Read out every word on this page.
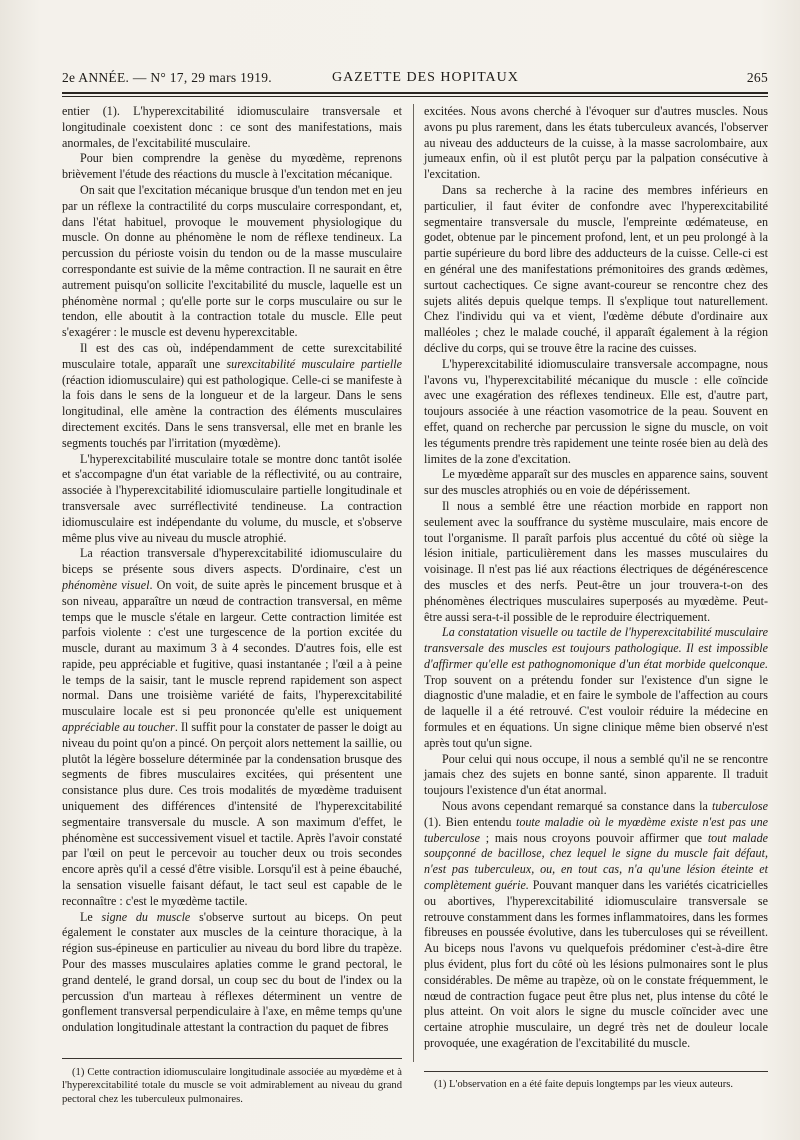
2e ANNÉE. — N° 17, 29 mars 1919.	GAZETTE DES HOPITAUX	265

entier (1). L'hyperexcitabilité idiomusculaire transversale et longitudinale coexistent donc : ce sont des manifestations, mais anormales, de l'excitabilité musculaire.

Pour bien comprendre la genèse du myœdème, reprenons brièvement l'étude des réactions du muscle à l'excitation mécanique.

On sait que l'excitation mécanique brusque d'un tendon met en jeu par un réflexe la contractilité du corps musculaire correspondant, et, dans l'état habituel, provoque le mouvement physiologique du muscle. On donne au phénomène le nom de réflexe tendineux. La percussion du périoste voisin du tendon ou de la masse musculaire correspondante est suivie de la même contraction. Il ne saurait en être autrement puisqu'on sollicite l'excitabilité du muscle, laquelle est un phénomène normal ; qu'elle porte sur le corps musculaire ou sur le tendon, elle aboutit à la contraction totale du muscle. Elle peut s'exagérer : le muscle est devenu hyperexcitable.

Il est des cas où, indépendamment de cette surexcitabilité musculaire totale, apparaît une surexcitabilité musculaire partielle (réaction idiomusculaire) qui est pathologique. Celle-ci se manifeste à la fois dans le sens de la longueur et de la largeur. Dans le sens longitudinal, elle amène la contraction des éléments musculaires directement excités. Dans le sens transversal, elle met en branle les segments touchés par l'irritation (myœdème).

L'hyperexcitabilité musculaire totale se montre donc tantôt isolée et s'accompagne d'un état variable de la réflectivité, ou au contraire, associée à l'hyperexcitabilité idiomusculaire partielle longitudinale et transversale avec surréflectivité tendineuse. La contraction idiomusculaire est indépendante du volume, du muscle, et s'observe même plus vive au niveau du muscle atrophié.

La réaction transversale d'hyperexcitabilité idiomusculaire du biceps se présente sous divers aspects. D'ordinaire, c'est un phénomène visuel. On voit, de suite après le pincement brusque et à son niveau, apparaître un nœud de contraction transversal, en même temps que le muscle s'étale en largeur. Cette contraction limitée est parfois violente : c'est une turgescence de la portion excitée du muscle, durant au maximum 3 à 4 secondes. D'autres fois, elle est rapide, peu appréciable et fugitive, quasi instantanée ; l'œil a à peine le temps de la saisir, tant le muscle reprend rapidement son aspect normal. Dans une troisième variété de faits, l'hyperexcitabilité musculaire locale est si peu prononcée qu'elle est uniquement appréciable au toucher. Il suffit pour la constater de passer le doigt au niveau du point qu'on a pincé. On perçoit alors nettement la saillie, ou plutôt la légère bosselure déterminée par la condensation brusque des segments de fibres musculaires excitées, qui présentent une consistance plus dure. Ces trois modalités de myœdème traduisent uniquement des différences d'intensité de l'hyperexcitabilité segmentaire transversale du muscle. A son maximum d'effet, le phénomène est successivement visuel et tactile. Après l'avoir constaté par l'œil on peut le percevoir au toucher deux ou trois secondes encore après qu'il a cessé d'être visible. Lorsqu'il est à peine ébauché, la sensation visuelle faisant défaut, le tact seul est capable de le reconnaître : c'est le myœdème tactile.

Le signe du muscle s'observe surtout au biceps. On peut également le constater aux muscles de la ceinture thoracique, à la région sus-épineuse en particulier au niveau du bord libre du trapèze. Pour des masses musculaires aplaties comme le grand pectoral, le grand dentelé, le grand dorsal, un coup sec du bout de l'index ou la percussion d'un marteau à réflexes déterminent un ventre de gonflement transversal perpendiculaire à l'axe, en même temps qu'une ondulation longitudinale attestant la contraction du paquet de fibres

excitées. Nous avons cherché à l'évoquer sur d'autres muscles. Nous avons pu plus rarement, dans les états tuberculeux avancés, l'observer au niveau des adducteurs de la cuisse, à la masse sacrolombaire, aux jumeaux enfin, où il est plutôt perçu par la palpation consécutive à l'excitation.

Dans sa recherche à la racine des membres inférieurs en particulier, il faut éviter de confondre avec l'hyperexcitabilité segmentaire transversale du muscle, l'empreinte œdémateuse, en godet, obtenue par le pincement profond, lent, et un peu prolongé à la partie supérieure du bord libre des adducteurs de la cuisse. Celle-ci est en général une des manifestations prémonitoires des grands œdèmes, surtout cachectiques. Ce signe avant-coureur se rencontre chez des sujets alités depuis quelque temps. Il s'explique tout naturellement. Chez l'individu qui va et vient, l'œdème débute d'ordinaire aux malléoles ; chez le malade couché, il apparaît également à la région déclive du corps, qui se trouve être la racine des cuisses.

L'hyperexcitabilité idiomusculaire transversale accompagne, nous l'avons vu, l'hyperexcitabilité mécanique du muscle : elle coïncide avec une exagération des réflexes tendineux. Elle est, d'autre part, toujours associée à une réaction vasomotrice de la peau. Souvent en effet, quand on recherche par percussion le signe du muscle, on voit les téguments prendre très rapidement une teinte rosée bien au delà des limites de la zone d'excitation.

Le myœdème apparaît sur des muscles en apparence sains, souvent sur des muscles atrophiés ou en voie de dépérissement.

Il nous a semblé être une réaction morbide en rapport non seulement avec la souffrance du système musculaire, mais encore de tout l'organisme. Il paraît parfois plus accentué du côté où siège la lésion initiale, particulièrement dans les masses musculaires du voisinage. Il n'est pas lié aux réactions électriques de dégénérescence des muscles et des nerfs. Peut-être un jour trouvera-t-on des phénomènes électriques musculaires superposés au myœdème. Peut-être aussi sera-t-il possible de le reproduire électriquement.

La constatation visuelle ou tactile de l'hyperexcitabilité musculaire transversale des muscles est toujours pathologique. Il est impossible d'affirmer qu'elle est pathognomonique d'un état morbide quelconque. Trop souvent on a prétendu fonder sur l'existence d'un signe le diagnostic d'une maladie, et en faire le symbole de l'affection au cours de laquelle il a été retrouvé. C'est vouloir réduire la médecine en formules et en équations. Un signe clinique même bien observé n'est après tout qu'un signe.

Pour celui qui nous occupe, il nous a semblé qu'il ne se rencontre jamais chez des sujets en bonne santé, sinon apparente. Il traduit toujours l'existence d'un état anormal.

Nous avons cependant remarqué sa constance dans la tuberculose (1). Bien entendu toute maladie où le myœdème existe n'est pas une tuberculose ; mais nous croyons pouvoir affirmer que tout malade soupçonné de bacillose, chez lequel le signe du muscle fait défaut, n'est pas tuberculeux, ou, en tout cas, n'a qu'une lésion éteinte et complètement guérie. Pouvant manquer dans les variétés cicatricielles ou abortives, l'hyperexcitabilité idiomusculaire transversale se retrouve constamment dans les formes inflammatoires, dans les formes fibreuses en poussée évolutive, dans les tuberculoses qui se réveillent. Au biceps nous l'avons vu quelquefois prédominer c'est-à-dire être plus évident, plus fort du côté où les lésions pulmonaires sont le plus considérables. De même au trapèze, où on le constate fréquemment, le nœud de contraction fugace peut être plus net, plus intense du côté le plus atteint. On voit alors le signe du muscle coïncider avec une certaine atrophie musculaire, un degré très net de douleur locale provoquée, une exagération de l'excitabilité du muscle.

(1) Cette contraction idiomusculaire longitudinale associée au myœdème et à l'hyperexcitabilité totale du muscle se voit admirablement au niveau du grand pectoral chez les tuberculeux pulmonaires.

(1) L'observation en a été faite depuis longtemps par les vieux auteurs.
